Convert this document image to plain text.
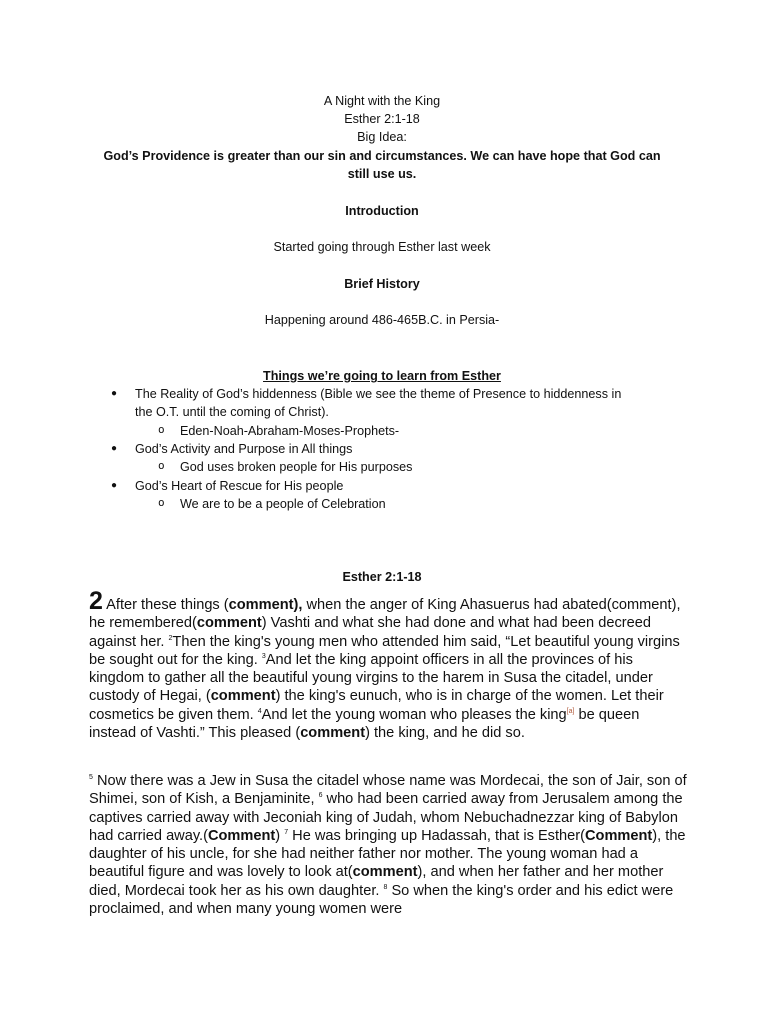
A Night with the King
Esther 2:1-18
Big Idea:
God’s Providence is greater than our sin and circumstances. We can have hope that God can
still use us.
Introduction
Started going through Esther last week
Brief History
Happening around 486-465B.C. in Persia-
Things we’re going to learn from Esther
●	The Reality of God’s hiddenness (Bible we see the theme of Presence to hiddenness in
the O.T. until the coming of Christ).
o	Eden-Noah-Abraham-Moses-Prophets-
●	God’s Activity and Purpose in All things
o	God uses broken people for His purposes
●	God’s Heart of Rescue for His people
o	We are to be a people of Celebration
Esther 2:1-18
2 After these things (comment), when the anger of King Ahasuerus had abated(comment), he remembered(comment) Vashti and what she had done and what had been decreed against her. $^2$Then the king's young men who attended him said, “Let beautiful young virgins be sought out for the king. $^3$And let the king appoint officers in all the provinces of his kingdom to gather all the beautiful young virgins to the harem in Susa the citadel, under custody of Hegai, (comment) the king's eunuch, who is in charge of the women. Let their cosmetics be given them. $^4$And let the young woman who pleases the king[a] be queen instead of Vashti.” This pleased (comment) the king, and he did so.
$^5$ Now there was a Jew in Susa the citadel whose name was Mordecai, the son of Jair, son of Shimei, son of Kish, a Benjaminite, $^6$ who had been carried away from Jerusalem among the captives carried away with Jeconiah king of Judah, whom Nebuchadnezzar king of Babylon had carried away.(Comment) $^7$ He was bringing up Hadassah, that is Esther(Comment), the daughter of his uncle, for she had neither father nor mother. The young woman had a beautiful figure and was lovely to look at(comment), and when her father and her mother died, Mordecai took her as his own daughter. $^8$ So when the king's order and his edict were proclaimed, and when many young women were
